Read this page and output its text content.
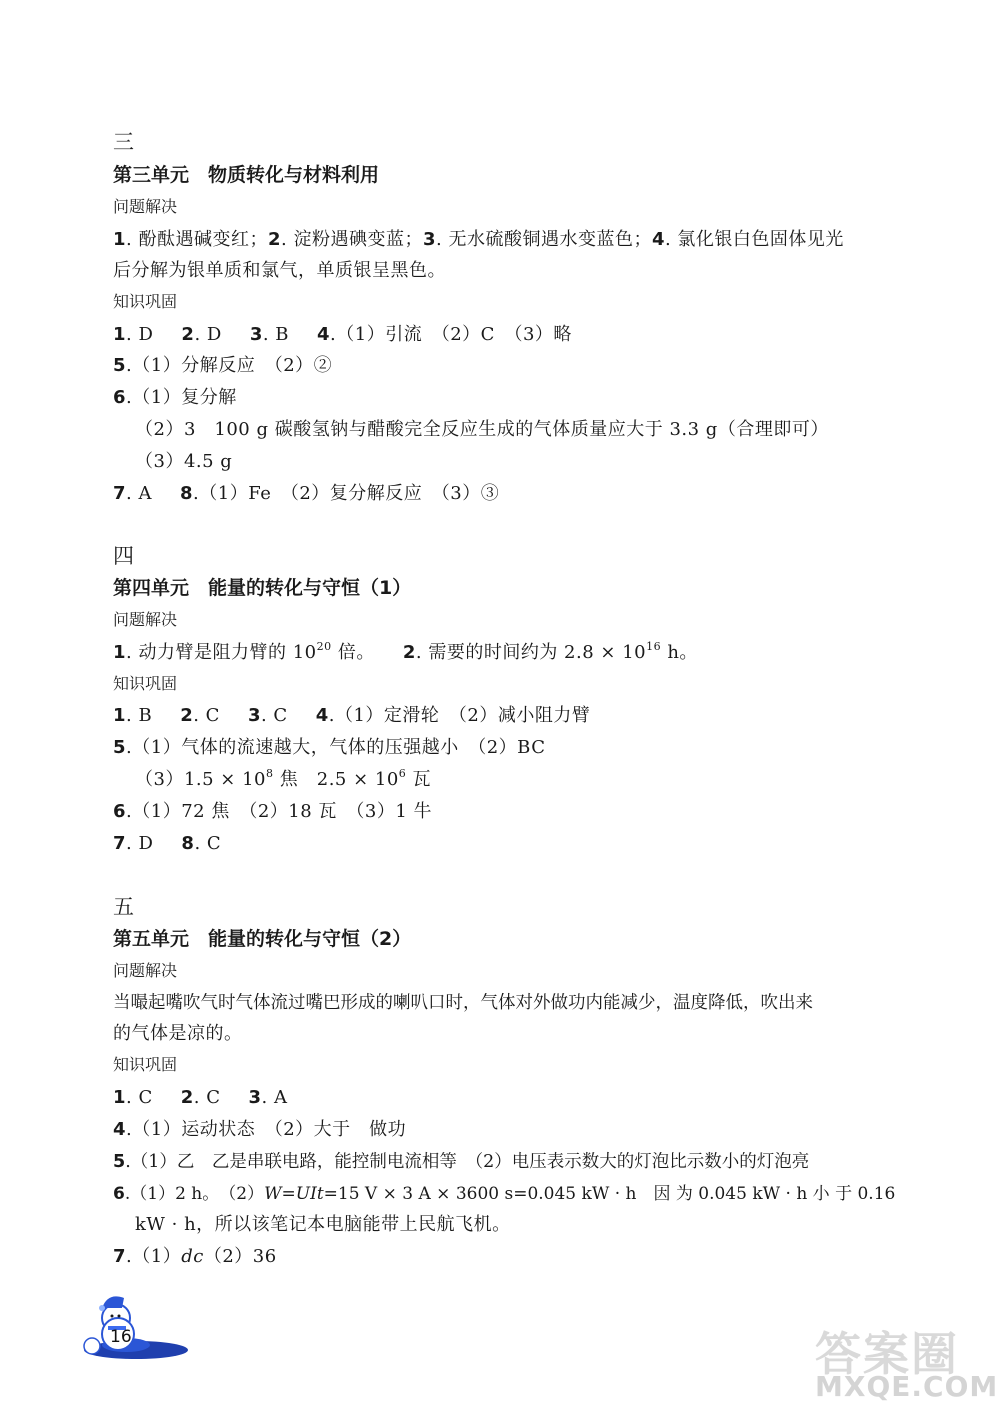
三
第三单元　物质转化与材料利用
问题解决
1. 酚酞遇碱变红；2. 淀粉遇碘变蓝；3. 无水硫酸铜遇水变蓝色；4. 氯化银白色固体见光
后分解为银单质和氯气，单质银呈黑色。
知识巩固
1. D 2. D 3. B 4.（1）引流　（2）C　（3）略
5.（1）分解反应　（2）②
6.（1）复分解
（2）3　100 g 碳酸氢钠与醋酸完全反应生成的气体质量应大于 3.3 g（合理即可）
（3）4.5 g
7. A 8.（1）Fe　（2）复分解反应　（3）③
四
第四单元　能量的转化与守恒（1）
问题解决
1. 动力臂是阻力臂的 $10^{20}$ 倍。 2. 需要的时间约为 $2.8 \times 10^{16}$ h。
知识巩固
1. B 2. C 3. C 4.（1）定滑轮　（2）减小阻力臂
5.（1）气体的流速越大，气体的压强越小　（2）BC
$(3)1.5 \times 10^8$ 焦　$2.5 \times 10^6$ 瓦
6.（1）72 焦　（2）18 瓦　（3）1 牛
7. D 8. C
五
第五单元　能量的转化与守恒（2）
问题解决
当嘬起嘴吹气时气体流过嘴巴形成的喇叭口时，气体对外做功内能减少，温度降低，吹出来
的气体是凉的。
知识巩固
1. C 2. C 3. A
4.（1）运动状态　（2）大于　做功
5.（1）乙　乙是串联电路，能控制电流相等　（2）电压表示数大的灯泡比示数小的灯泡亮
6.（1）2 h。　（2）W=UIt=15 V × 3 A × 3600 s=0.045 kW · h　因 为 0.045 kW · h 小 于 0.16
kW · h，所以该笔记本电脑能带上民航飞机。
7.（1）dc（2）36
16	答案圈
MXQE.COM
